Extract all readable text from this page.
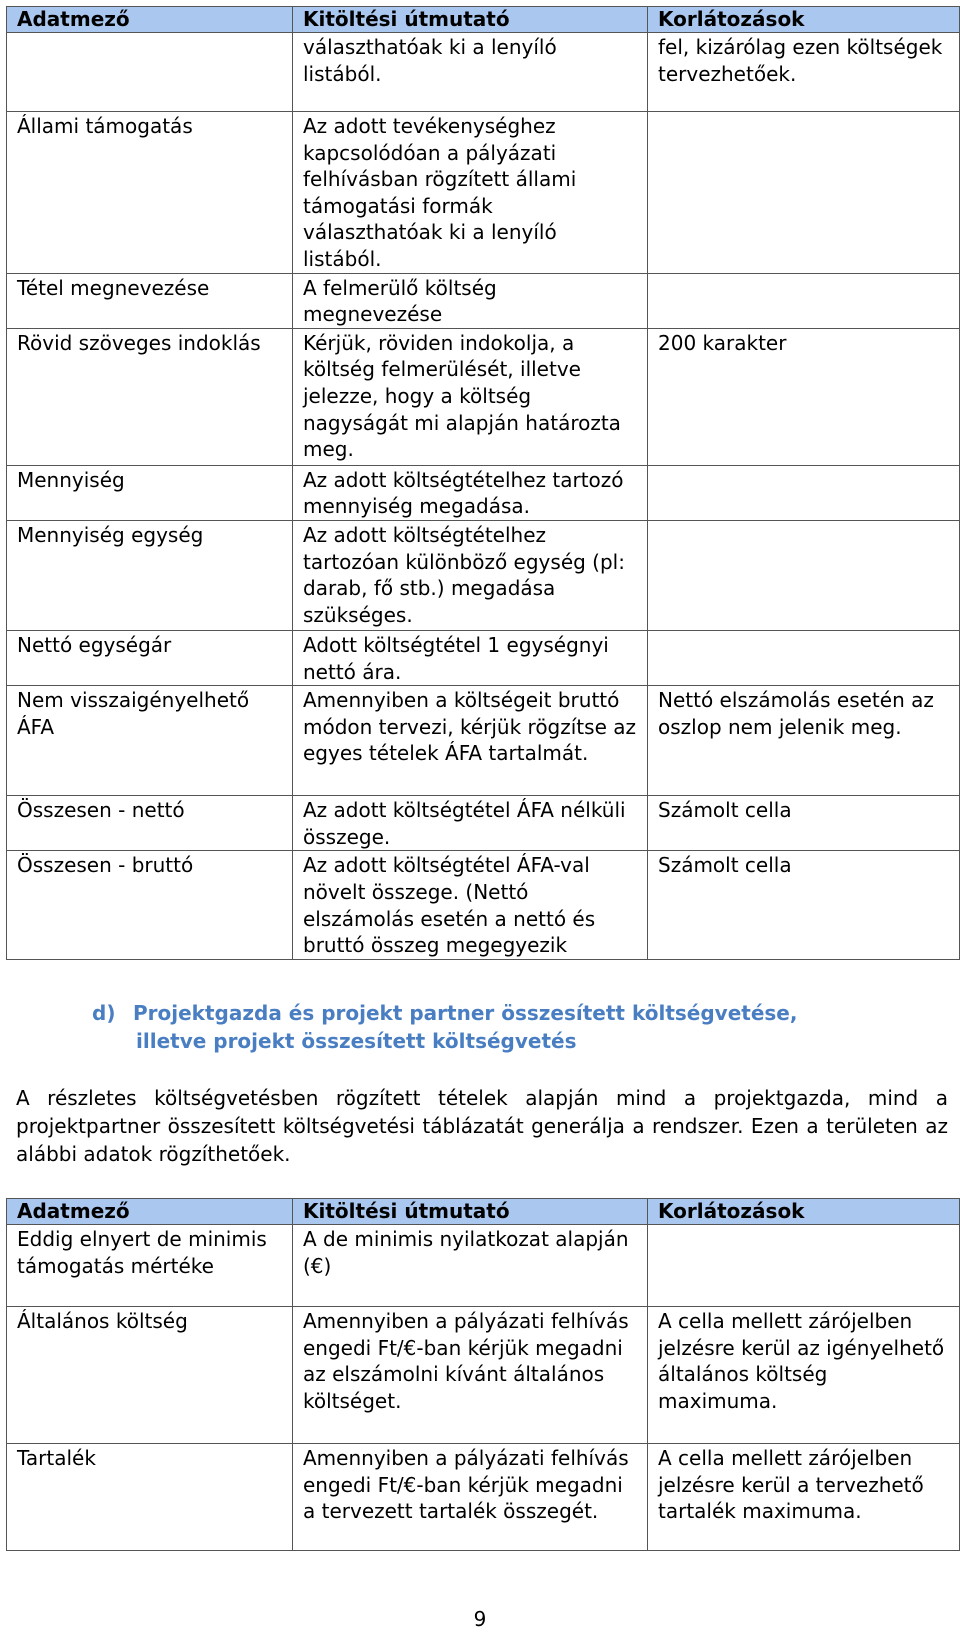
Adatmező	Kitöltési útmutató	Korlátozások
	választhatóak ki a lenyíló listából.	fel, kizárólag ezen költségek tervezhetőek.
Állami támogatás	Az adott tevékenységhez kapcsolódóan a pályázati felhívásban rögzített állami támogatási formák választhatóak ki a lenyíló listából.	
Tétel megnevezése	A felmerülő költség megnevezése	
Rövid szöveges indoklás	Kérjük, röviden indokolja, a költség felmerülését, illetve jelezze, hogy a költség nagyságát mi alapján határozta meg.	200 karakter
Mennyiség	Az adott költségtételhez tartozó mennyiség megadása.	
Mennyiség egység	Az adott költségtételhez tartozóan különböző egység (pl: darab, fő stb.) megadása szükséges.	
Nettó egységár	Adott költségtétel 1 egységnyi nettó ára.	
Nem visszaigényelhető ÁFA	Amennyiben a költségeit bruttó módon tervezi, kérjük rögzítse az egyes tételek ÁFA tartalmát.	Nettó elszámolás esetén az oszlop nem jelenik meg.
Összesen - nettó	Az adott költségtétel ÁFA nélküli összege.	Számolt cella
Összesen - bruttó	Az adott költségtétel ÁFA-val növelt összege. (Nettó elszámolás esetén a nettó és bruttó összeg megegyezik	Számolt cella
d) Projektgazda és projekt partner összesített költségvetése,
illetve projekt összesített költségvetés
A részletes költségvetésben rögzített tételek alapján mind a projektgazda, mind a projektpartner összesített költségvetési táblázatát generálja a rendszer. Ezen a területen az alábbi adatok rögzíthetőek.
Adatmező	Kitöltési útmutató	Korlátozások
Eddig elnyert de minimis támogatás mértéke	A de minimis nyilatkozat alapján (€)	
Általános költség	Amennyiben a pályázati felhívás engedi Ft/€-ban kérjük megadni az elszámolni kívánt általános költséget.	A cella mellett zárójelben jelzésre kerül az igényelhető általános költség maximuma.
Tartalék	Amennyiben a pályázati felhívás engedi Ft/€-ban kérjük megadni a tervezett tartalék összegét.	A cella mellett zárójelben jelzésre kerül a tervezhető tartalék maximuma.
9
